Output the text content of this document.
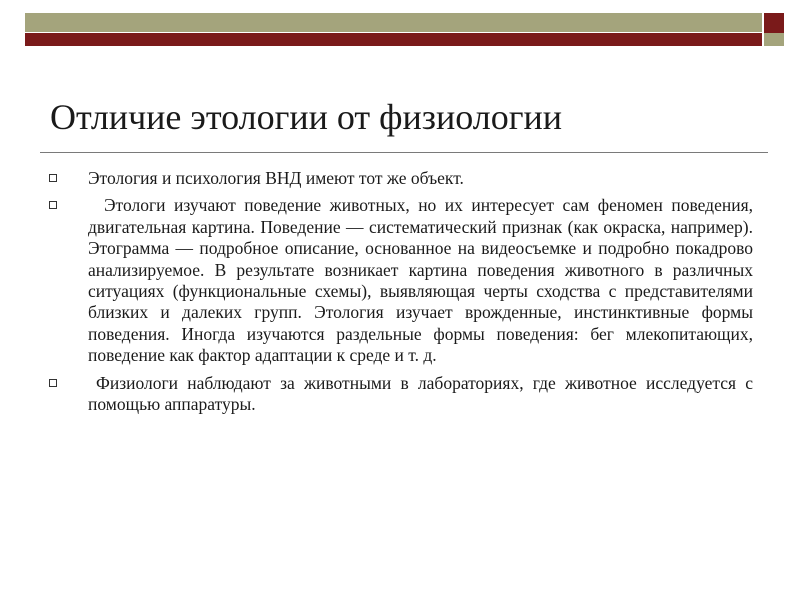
Отличие этологии от физиологии
Этология и психология ВНД имеют тот же объект.
Этологи изучают поведение животных, но их интересует сам феномен поведения, двигательная картина. Поведение — систематический признак (как окраска, например). Этограмма — подробное описание, основанное на видеосъемке и подробно покадрово анализируемое. В результате возникает картина поведения животного в различных ситуациях (функциональные схемы), выявляющая черты сходства с представителями близких и далеких групп. Этология изучает врожденные, инстинктивные формы поведения. Иногда изучаются раздельные формы поведения: бег млекопитающих, поведение как фактор адаптации к среде и т. д.
Физиологи наблюдают за животными в лабораториях, где животное исследуется с помощью аппаратуры.
